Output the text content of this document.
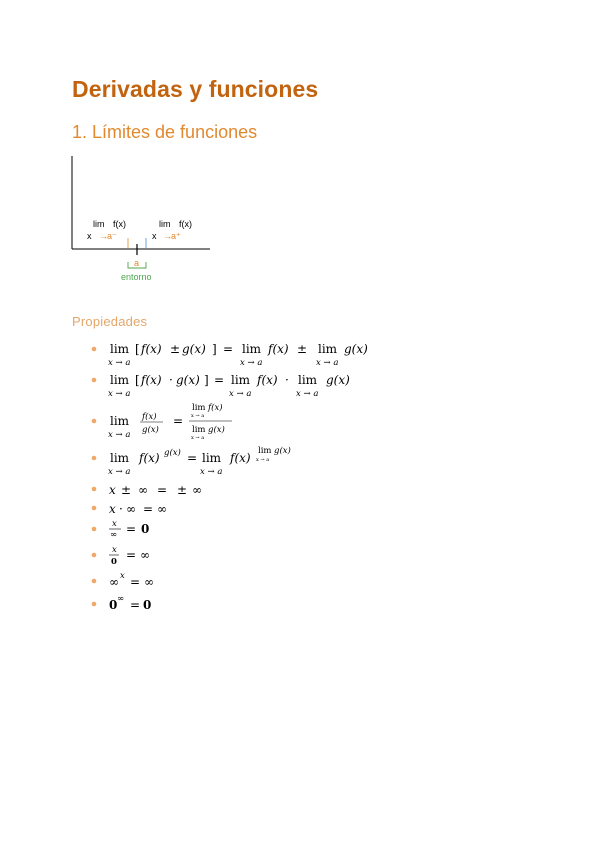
Derivadas y funciones
1. Límites de funciones
lim f(x)
x → a⁻
lim f(x)
x → a⁺
a
entorno
Propiedades
lim
x → a
[ f(x) ± g(x) ] = lim
x → a
f(x) ± lim
x → a
g(x)
lim
x → a
[ f(x) · g(x) ] = lim
x → a
f(x) · lim
x → a
g(x)
lim
x → a
f(x)
g(x)
=
lim f(x)
x → a
lim g(x)
x → a
lim
x → a
f(x) g(x) = lim
x → a
f(x) lim g(x)
x → a
x ± ∞ = ± ∞
x · ∞ = ∞
x
∞ = 0
x
0 = ∞
∞ x = ∞
0 ∞ = 0
